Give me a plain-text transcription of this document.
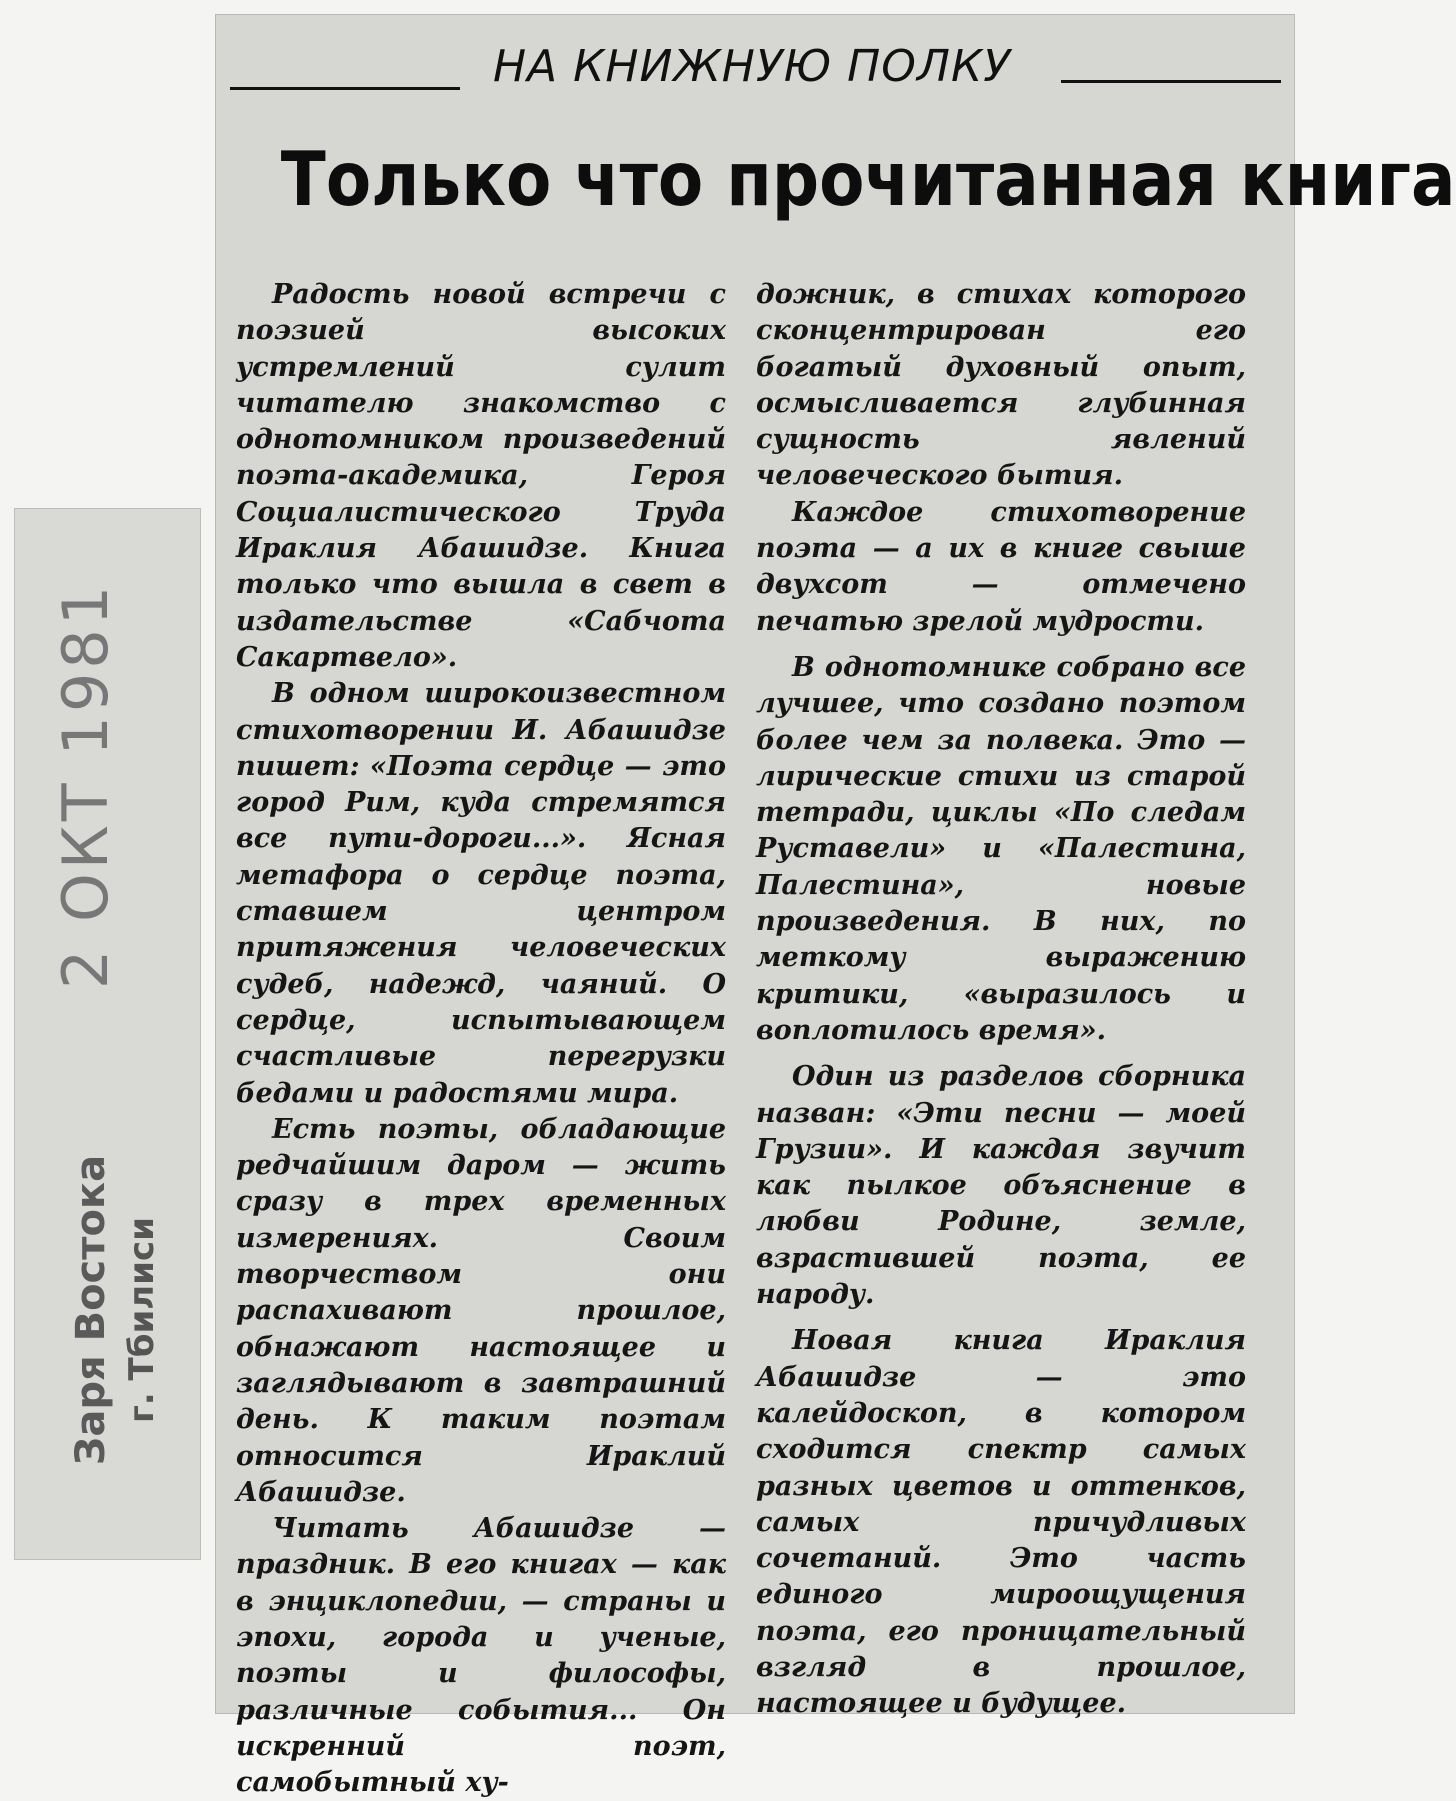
2 ОКТ 1981
Заря Востока г. Тбилиси
НА КНИЖНУЮ ПОЛКУ
Только что прочитанная книга

Радость новой встречи с поэзией высоких устремлений сулит читателю знакомство с однотомником произведений поэта-академика, Героя Социалистического Труда Ираклия Абашидзе. Книга только что вышла в свет в издательстве «Сабчота Сакартвело».

В одном широкоизвестном стихотворении И. Абашидзе пишет: «Поэта сердце — это город Рим, куда стремятся все пути-дороги...». Ясная метафора о сердце поэта, ставшем центром притяжения человеческих судеб, надежд, чаяний. О сердце, испытывающем счастливые перегрузки бедами и радостями мира.

Есть поэты, обладающие редчайшим даром — жить сразу в трех временных измерениях. Своим творчеством они распахивают прошлое, обнажают настоящее и заглядывают в завтрашний день. К таким поэтам относится Ираклий Абашидзе.

Читать Абашидзе — праздник. В его книгах — как в энциклопедии, — страны и эпохи, города и ученые, поэты и философы, различные события... Он искренний поэт, самобытный ху-

дожник, в стихах которого сконцентрирован его богатый духовный опыт, осмысливается глубинная сущность явлений человеческого бытия.

Каждое стихотворение поэта — а их в книге свыше двухсот — отмечено печатью зрелой мудрости.

В однотомнике собрано все лучшее, что создано поэтом более чем за полвека. Это — лирические стихи из старой тетради, циклы «По следам Руставели» и «Палестина, Палестина», новые произведения. В них, по меткому выражению критики, «выразилось и воплотилось время».

Один из разделов сборника назван: «Эти песни — моей Грузии». И каждая звучит как пылкое объяснение в любви Родине, земле, взрастившей поэта, ее народу.

Новая книга Ираклия Абашидзе — это калейдоскоп, в котором сходится спектр самых разных цветов и оттенков, самых причудливых сочетаний. Это часть единого мироощущения поэта, его проницательный взгляд в прошлое, настоящее и будущее.
